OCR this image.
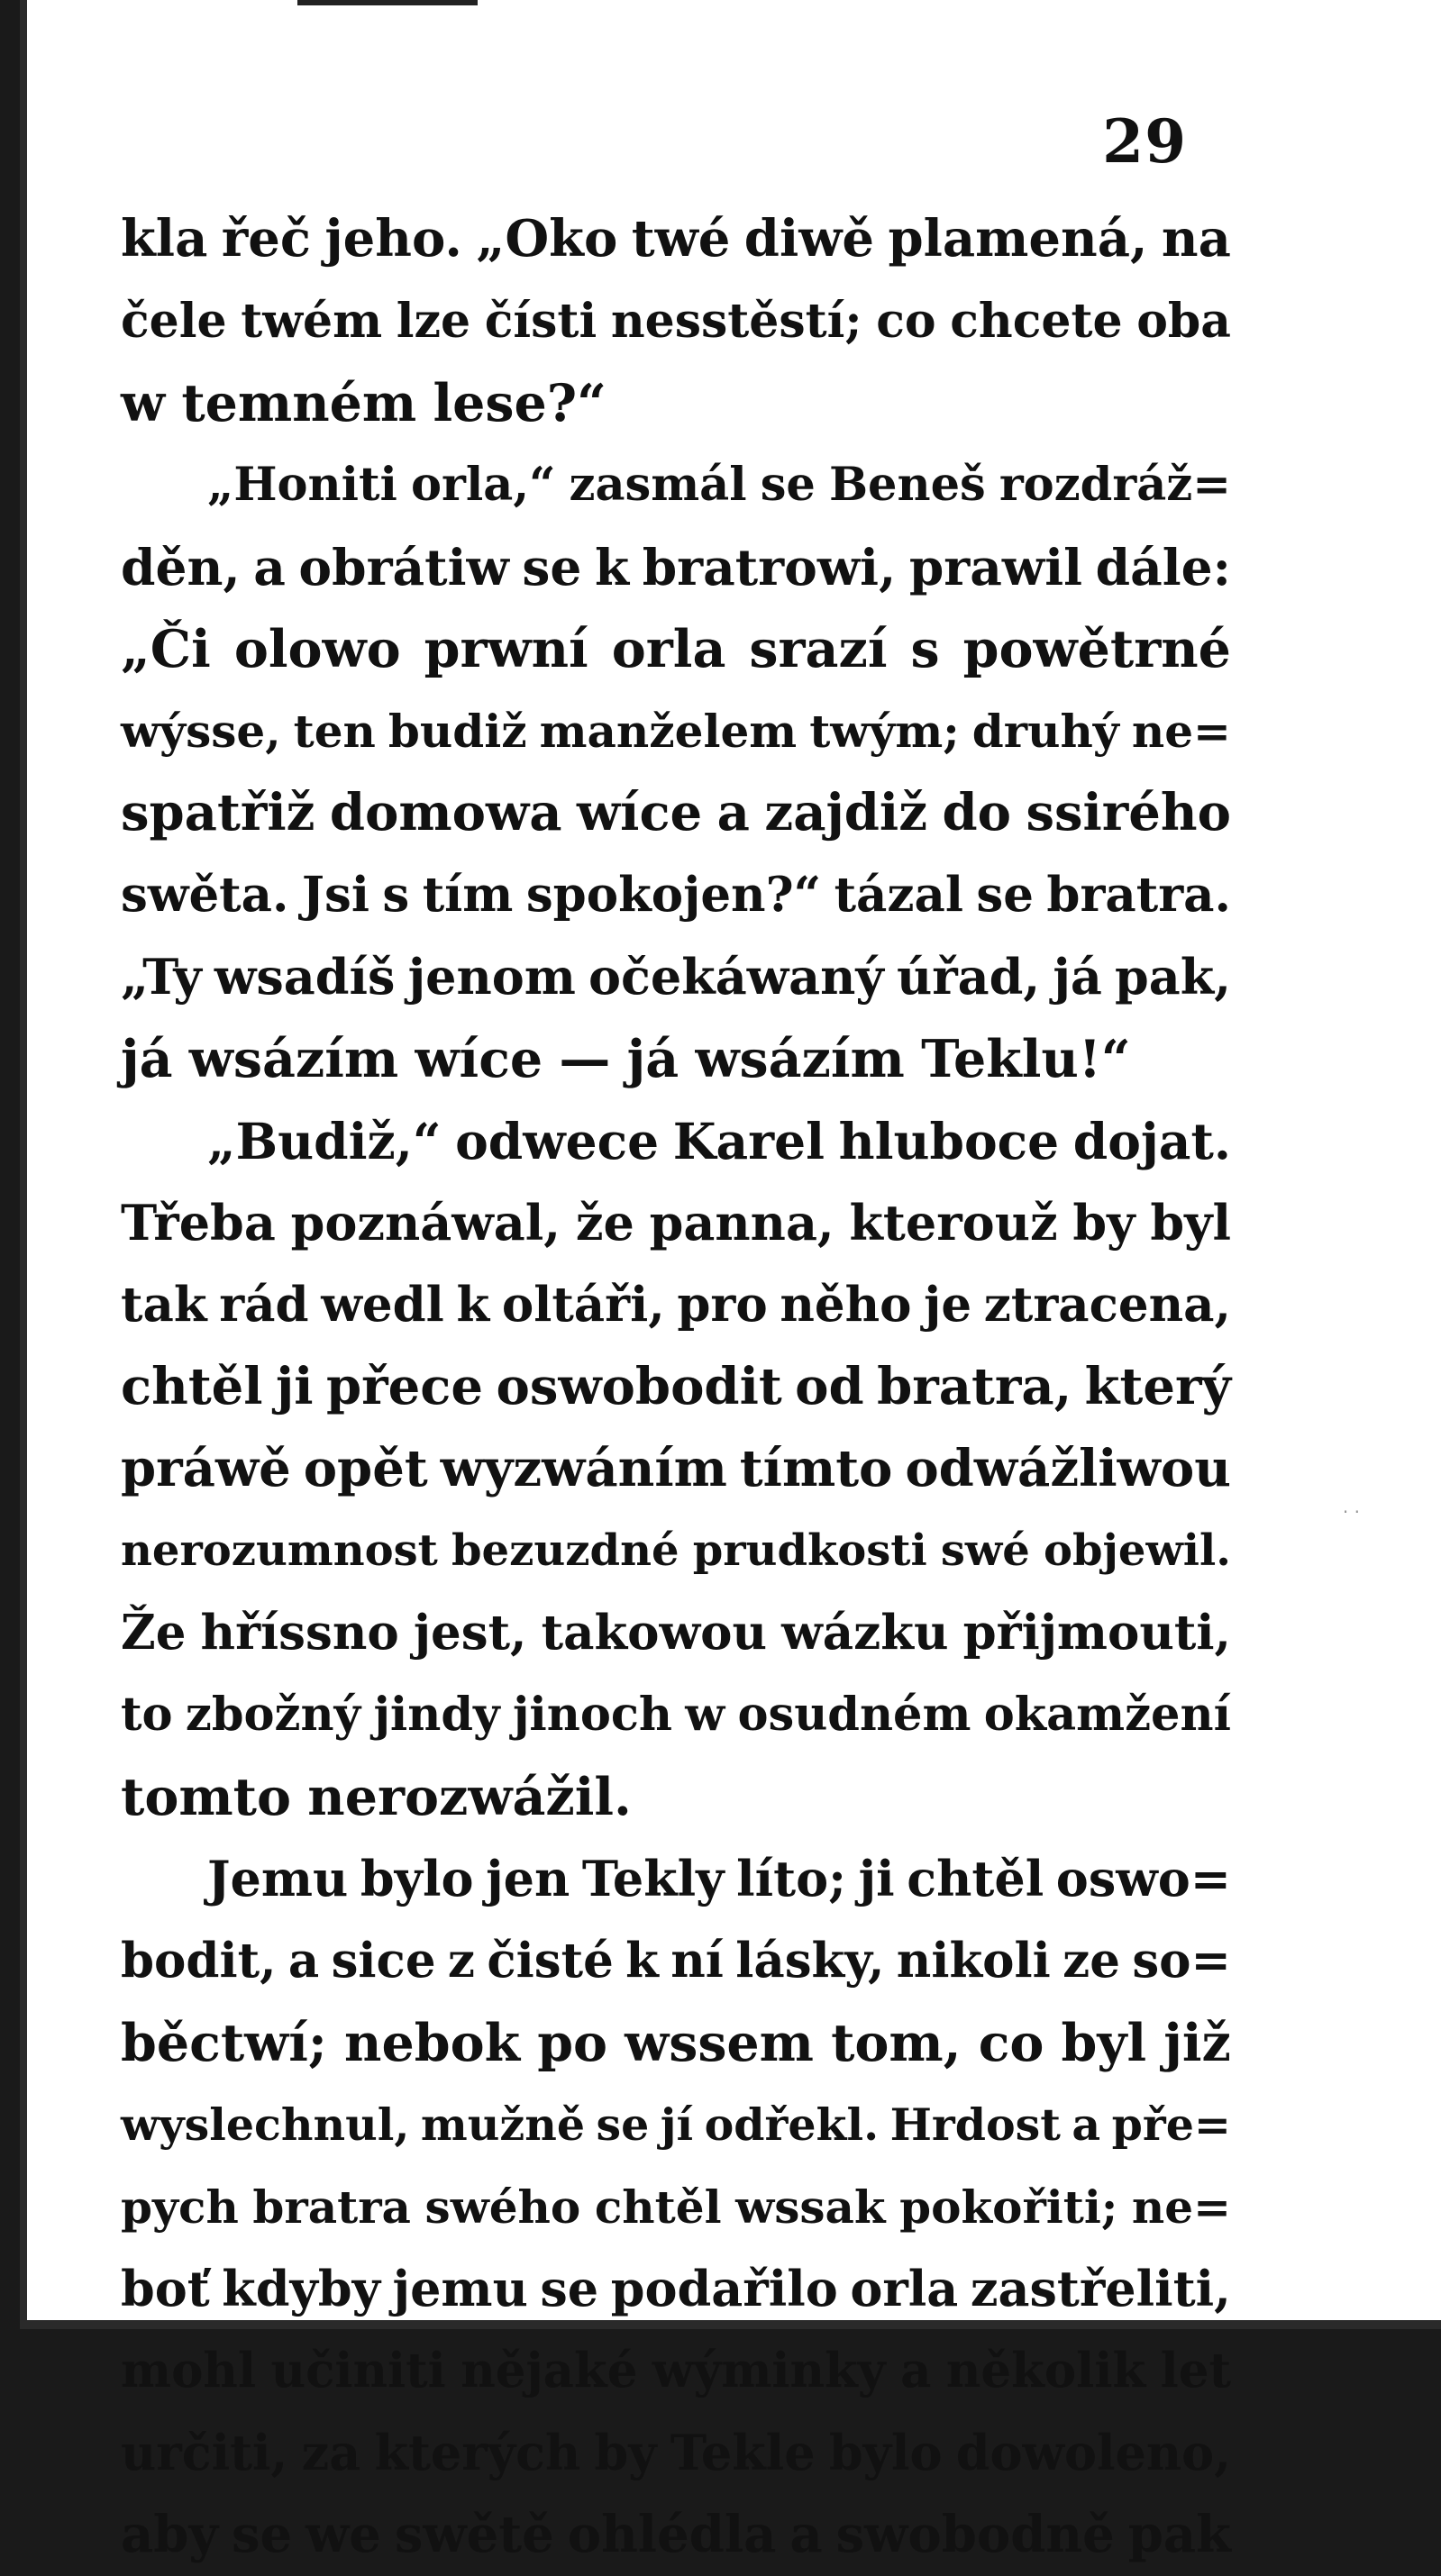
29
kla řeč jeho. „Oko twé diwě plamená, na
čele twém lze čísti nesstěstí; co chcete oba
w temném lese?“
„Honiti orla,“ zasmál se Beneš rozdráž=
děn, a obrátiw se k bratrowi, prawil dále:
„Či olowo prwní orla srazí s powětrné
wýsse, ten budiž manželem twým; druhý ne=
spatřiž domowa wíce a zajdiž do ssirého
swěta. Jsi s tím spokojen?“ tázal se bratra.
„Ty wsadíš jenom očekáwaný úřad, já pak,
já wsázím wíce — já wsázím Teklu!“
„Budiž,“ odwece Karel hluboce dojat.
Třeba poznáwal, že panna, kterouž by byl
tak rád wedl k oltáři, pro něho je ztracena,
chtěl ji přece oswobodit od bratra, který
práwě opět wyzwáním tímto odwážliwou
nerozumnost bezuzdné prudkosti swé objewil.
Že hříssno jest, takowou wázku přijmouti,
to zbožný jindy jinoch w osudném okamžení
tomto nerozwážil.
Jemu bylo jen Tekly líto; ji chtěl oswo=
bodit, a sice z čisté k ní lásky, nikoli ze so=
běctwí; nebok po wssem tom, co byl již
wyslechnul, mužně se jí odřekl. Hrdost a pře=
pych bratra swého chtěl wssak pokořiti; ne=
boť kdyby jemu se podařilo orla zastřeliti,
mohl učiniti nějaké wýminky a několik let
určiti, za kterých by Tekle bylo dowoleno,
aby se we swětě ohlédla a swobodně pak
. .
